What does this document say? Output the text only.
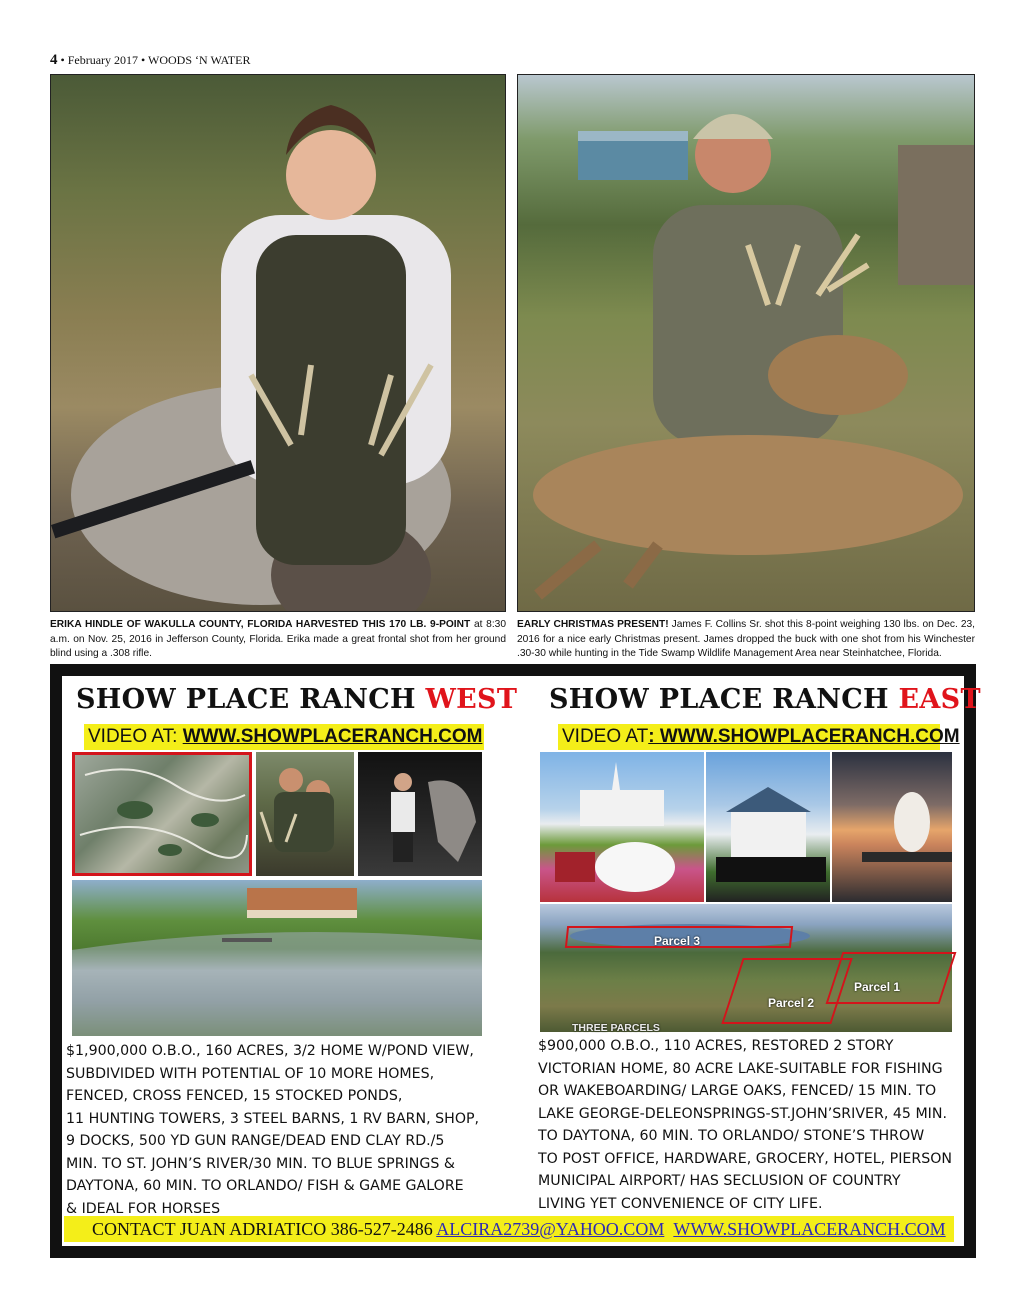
4 • February 2017 • WOODS ‘N WATER
ERIKA HINDLE OF WAKULLA COUNTY, FLORIDA HARVESTED THIS 170 LB. 9-POINT at 8:30 a.m. on Nov. 25, 2016 in Jefferson County, Florida. Erika made a great frontal shot from her ground blind using a .308 rifle.
EARLY CHRISTMAS PRESENT! James F. Collins Sr. shot this 8-point weighing 130 lbs. on Dec. 23, 2016 for a nice early Christmas present. James dropped the buck with one shot from his Winchester .30-30 while hunting in the Tide Swamp Wildlife Management Area near Steinhatchee, Florida.
SHOW PLACE RANCH WEST SHOW PLACE RANCH EAST
VIDEO AT: WWW.SHOWPLACERANCH.COM	VIDEO AT: WWW.SHOWPLACERANCH.COM
Parcel 3
Parcel 2
Parcel 1
THREE PARCELS
$1,900,000 O.B.O., 160 ACRES, 3/2 HOME W/POND VIEW,
SUBDIVIDED WITH POTENTIAL OF 10 MORE HOMES,
FENCED, CROSS FENCED, 15 STOCKED PONDS,
11 HUNTING TOWERS, 3 STEEL BARNS, 1 RV BARN, SHOP,
9 DOCKS, 500 YD GUN RANGE/DEAD END CLAY RD./5
MIN. TO ST. JOHN’S RIVER/30 MIN. TO BLUE SPRINGS &
DAYTONA, 60 MIN. TO ORLANDO/ FISH & GAME GALORE
& IDEAL FOR HORSES
$900,000 O.B.O., 110 ACRES, RESTORED 2 STORY
VICTORIAN HOME, 80 ACRE LAKE-SUITABLE FOR FISHING
OR WAKEBOARDING/ LARGE OAKS, FENCED/ 15 MIN. TO
LAKE GEORGE-DELEONSPRINGS-ST.JOHN’SRIVER, 45 MIN.
TO DAYTONA, 60 MIN. TO ORLANDO/ STONE’S THROW
TO POST OFFICE, HARDWARE, GROCERY, HOTEL, PIERSON
MUNICIPAL AIRPORT/ HAS SECLUSION OF COUNTRY
LIVING YET CONVENIENCE OF CITY LIFE.
CONTACT JUAN ADRIATICO 386-527-2486 ALCIRA2739@YAHOO.COM WWW.SHOWPLACERANCH.COM
